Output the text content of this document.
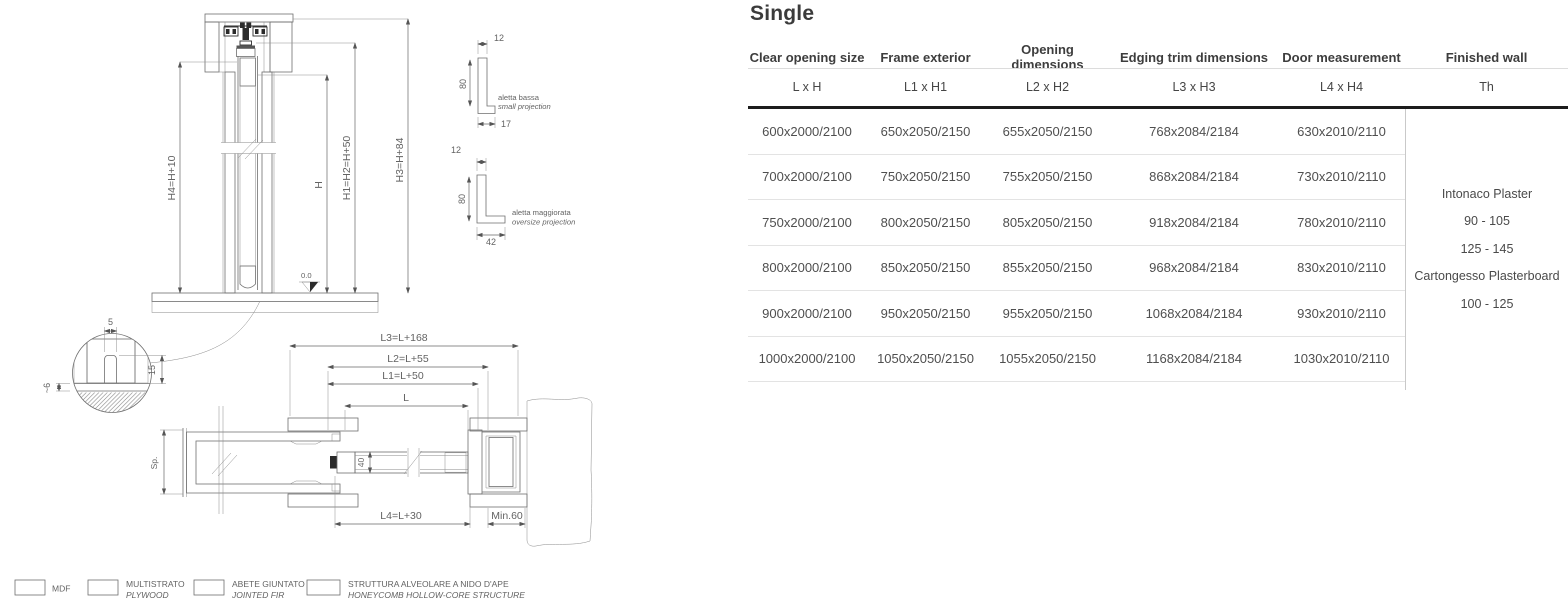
H4=H+10	H H1=H2=H+50	H3=H+84
0.0
12
80
17
aletta bassa
small projection
12
80
42
aletta maggiorata
oversize projection
5
15
~6
40
L3=L+168
L2=L+55
L1=L+50
L
Sp.
L4=L+30	Min.60
MDF	MULTISTRATO
PLYWOOD
ABETE GIUNTATO
JOINTED FIR
STRUTTURA ALVEOLARE A NIDO D'APE
HONEYCOMB HOLLOW-CORE STRUCTURE
Single
Clear opening size	Frame exterior	Opening dimensions	Edging trim dimensions	Door measurement	Finished wall
L x H	L1 x H1	L2 x H2	L3 x H3	L4 x H4	Th
600x2000/2100	650x2050/2150	655x2050/2150	768x2084/2184	630x2010/2110
700x2000/2100	750x2050/2150	755x2050/2150	868x2084/2184	730x2010/2110
750x2000/2100	800x2050/2150	805x2050/2150	918x2084/2184	780x2010/2110
800x2000/2100	850x2050/2150	855x2050/2150	968x2084/2184	830x2010/2110
900x2000/2100	950x2050/2150	955x2050/2150	1068x2084/2184	930x2010/2110
1000x2000/2100	1050x2050/2150	1055x2050/2150	1168x2084/2184	1030x2010/2110
Intonaco Plaster
90 - 105
125 - 145
Cartongesso Plasterboard
100 - 125
